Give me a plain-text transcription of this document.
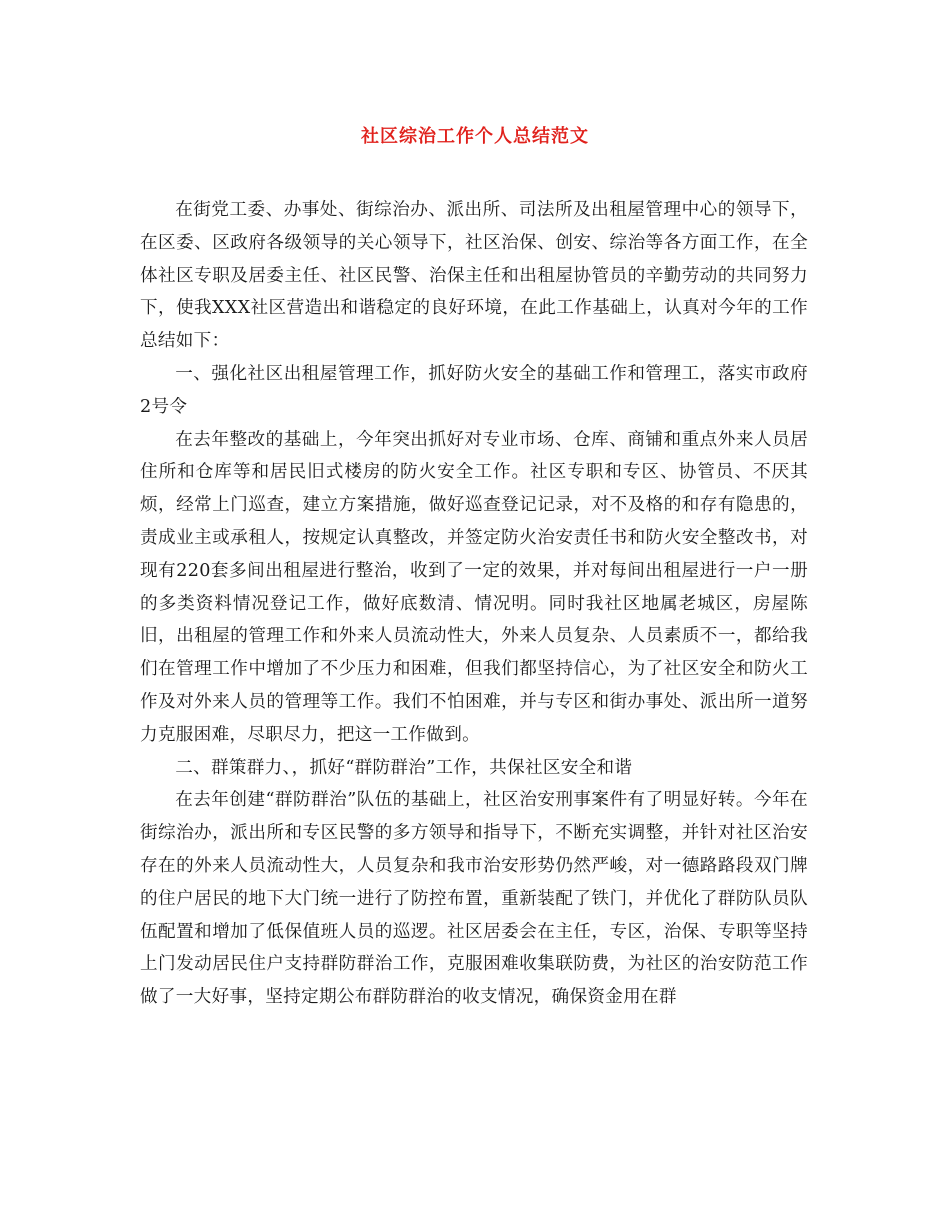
社区综治工作个人总结范文

在街党工委、办事处、街综治办、派出所、司法所及出租屋管理中心的领导下，在区委、区政府各级领导的关心领导下，社区治保、创安、综治等各方面工作，在全体社区专职及居委主任、社区民警、治保主任和出租屋协管员的辛勤劳动的共同努力下，使我XXX社区营造出和谐稳定的良好环境，在此工作基础上，认真对今年的工作总结如下：

一、强化社区出租屋管理工作，抓好防火安全的基础工作和管理工，落实市政府2号令

在去年整改的基础上，今年突出抓好对专业市场、仓库、商铺和重点外来人员居住所和仓库等和居民旧式楼房的防火安全工作。社区专职和专区、协管员、不厌其烦，经常上门巡查，建立方案措施，做好巡查登记记录，对不及格的和存有隐患的，责成业主或承租人，按规定认真整改，并签定防火治安责任书和防火安全整改书，对现有220套多间出租屋进行整治，收到了一定的效果，并对每间出租屋进行一户一册的多类资料情况登记工作，做好底数清、情况明。同时我社区地属老城区，房屋陈旧，出租屋的管理工作和外来人员流动性大，外来人员复杂、人员素质不一，都给我们在管理工作中增加了不少压力和困难，但我们都坚持信心，为了社区安全和防火工作及对外来人员的管理等工作。我们不怕困难，并与专区和街办事处、派出所一道努力克服困难，尽职尽力，把这一工作做到。

二、群策群力、，抓好“群防群治”工作，共保社区安全和谐

在去年创建“群防群治”队伍的基础上，社区治安刑事案件有了明显好转。今年在街综治办，派出所和专区民警的多方领导和指导下，不断充实调整，并针对社区治安存在的外来人员流动性大，人员复杂和我市治安形势仍然严峻，对一德路路段双门牌的住户居民的地下大门统一进行了防控布置，重新装配了铁门，并优化了群防队员队伍配置和增加了低保值班人员的巡逻。社区居委会在主任，专区，治保、专职等坚持上门发动居民住户支持群防群治工作，克服困难收集联防费，为社区的治安防范工作做了一大好事，坚持定期公布群防群治的收支情况，确保资金用在群
